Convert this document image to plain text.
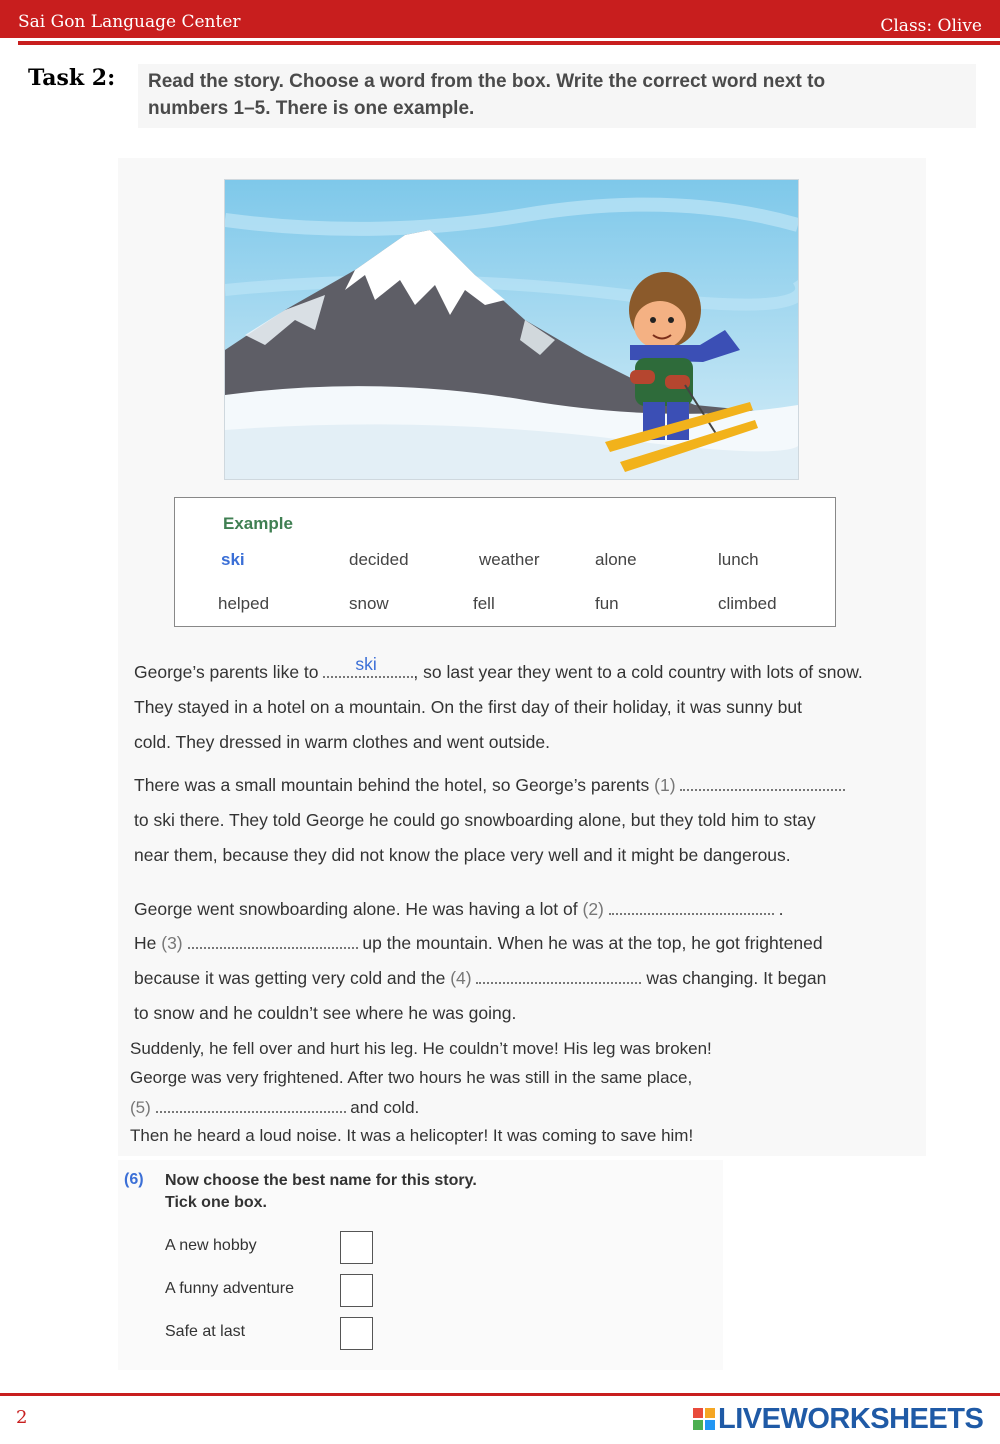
Sai Gon Language Center	Class: Olive
Task 2: Read the story. Choose a word from the box. Write the correct word next to
numbers 1–5. There is one example.
Example
ski	decided	weather	alone	lunch
helped	snow	fell	fun	climbed
George’s parents like to ski , so last year they went to a cold country with lots of snow.
They stayed in a hotel on a mountain. On the first day of their holiday, it was sunny but
cold. They dressed in warm clothes and went outside.
There was a small mountain behind the hotel, so George’s parents (1)
to ski there. They told George he could go snowboarding alone, but they told him to stay
near them, because they did not know the place very well and it might be dangerous.
George went snowboarding alone. He was having a lot of (2)	.
He (3)	up the mountain. When he was at the top, he got frightened
because it was getting very cold and the (4)	was changing. It began
to snow and he couldn’t see where he was going.
Suddenly, he fell over and hurt his leg. He couldn’t move! His leg was broken!
George was very frightened. After two hours he was still in the same place,
(5)	and cold.
Then he heard a loud noise. It was a helicopter! It was coming to save him!
(6) Now choose the best name for this story.
Tick one box.
A new hobby
A funny adventure
Safe at last
2	LIVEWORKSHEETS
